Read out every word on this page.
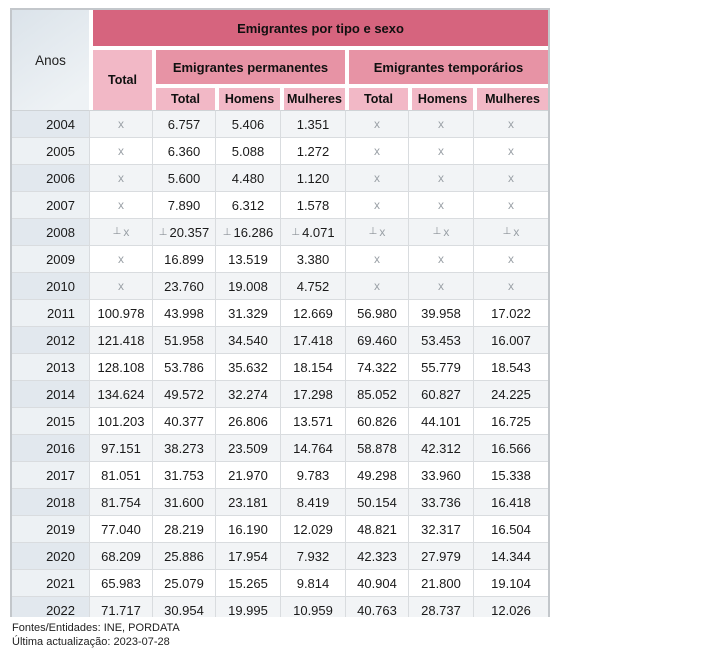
Anos	Emigrantes por tipo e sexo						
	Total	Emigrantes permanentes			Emigrantes temporários		
		Total	Homens	Mulheres	Total	Homens	Mulheres
2004	x	6.757	5.406	1.351	x	x	x
2005	x	6.360	5.088	1.272	x	x	x
2006	x	5.600	4.480	1.120	x	x	x
2007	x	7.890	6.312	1.578	x	x	x
2008	⊥ x	⊥ 20.357	⊥ 16.286	⊥ 4.071	⊥ x	⊥ x	⊥ x
2009	x	16.899	13.519	3.380	x	x	x
2010	x	23.760	19.008	4.752	x	x	x
2011	100.978	43.998	31.329	12.669	56.980	39.958	17.022
2012	121.418	51.958	34.540	17.418	69.460	53.453	16.007
2013	128.108	53.786	35.632	18.154	74.322	55.779	18.543
2014	134.624	49.572	32.274	17.298	85.052	60.827	24.225
2015	101.203	40.377	26.806	13.571	60.826	44.101	16.725
2016	97.151	38.273	23.509	14.764	58.878	42.312	16.566
2017	81.051	31.753	21.970	9.783	49.298	33.960	15.338
2018	81.754	31.600	23.181	8.419	50.154	33.736	16.418
2019	77.040	28.219	16.190	12.029	48.821	32.317	16.504
2020	68.209	25.886	17.954	7.932	42.323	27.979	14.344
2021	65.983	25.079	15.265	9.814	40.904	21.800	19.104
2022	71.717	30.954	19.995	10.959	40.763	28.737	12.026
Fontes/Entidades: INE, PORDATA
Última actualização: 2023-07-28
